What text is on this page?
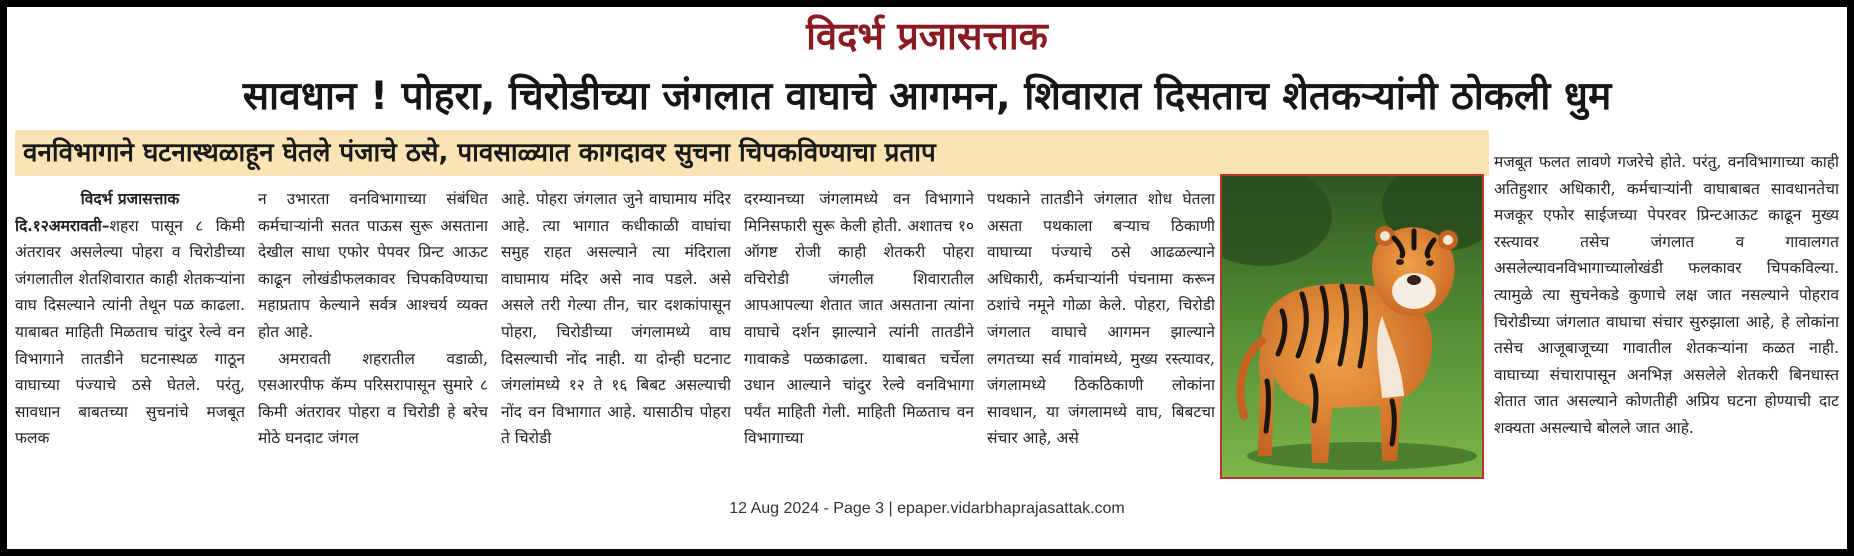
विदर्भ प्रजासत्ताक
सावधान ! पोहरा, चिरोडीच्या जंगलात वाघाचे आगमन, शिवारात दिसताच शेतकऱ्यांनी ठोकली धुम
वनविभागाने घटनास्थळाहून घेतले पंजाचे ठसे, पावसाळ्यात कागदावर सुचना चिपकविण्याचा प्रताप

विदर्भ प्रजासत्ताक

दि.१२अमरावती–शहरा पासून ८ किमी अंतरावर असलेल्या पोहरा व चिरोडीच्या जंगलातील शेतशिवारात काही शेतकऱ्यांना वाघ दिसल्याने त्यांनी तेथून पळ काढला. याबाबत माहिती मिळताच चांदुर रेल्वे वन विभागाने तातडीने घटनास्थळ गाठून वाघाच्या पंज्याचे ठसे घेतले. परंतु, सावधान बाबतच्या सुचनांचे मजबूत फलक

न उभारता वनविभागाच्या संबंधित कर्मचाऱ्यांनी सतत पाऊस सुरू असताना देखील साधा एफोर पेपवर प्रिन्ट आऊट काढून लोखंडीफलकावर चिपकविण्याचा महाप्रताप केल्याने सर्वत्र आश्चर्य व्यक्त होत आहे.

अमरावती शहरातील वडाळी, एसआरपीफ कॅम्प परिसरापासून सुमारे ८ किमी अंतरावर पोहरा व चिरोडी हे बरेच मोठे घनदाट जंगल

आहे. पोहरा जंगलात जुने वाघामाय मंदिर आहे. त्या भागात कधीकाळी वाघांचा समुह राहत असल्याने त्या मंदिराला वाघामाय मंदिर असे नाव पडले. असे असले तरी गेल्या तीन, चार दशकांपासून पोहरा, चिरोडीच्या जंगलामध्ये वाघ दिसल्याची नोंद नाही. या दोन्ही घटनाट जंगलांमध्ये १२ ते १६ बिबट असल्याची नोंद वन विभागात आहे. यासाठीच पोहरा ते चिरोडी

दरम्यानच्या जंगलामध्ये वन विभागाने मिनिसफारी सुरू केली होती. अशातच १० ऑगष्ट रोजी काही शेतकरी पोहरा वचिरोडी जंगलील शिवारातील आपआपल्या शेतात जात असताना त्यांना वाघाचे दर्शन झाल्याने त्यांनी तातडीने गावाकडे पळकाढला. याबाबत चर्चेला उधान आल्याने चांदुर रेल्वे वनविभागा पर्यंत माहिती गेली. माहिती मिळताच वन विभागाच्या

पथकाने तातडीने जंगलात शोध घेतला असता पथकाला बऱ्याच ठिकाणी वाघाच्या पंज्याचे ठसे आढळल्याने अधिकारी, कर्मचाऱ्यांनी पंचनामा करून ठशांचे नमूने गोळा केले. पोहरा, चिरोडी जंगलात वाघाचे आगमन झाल्याने लगतच्या सर्व गावांमध्ये, मुख्य रस्त्यावर, जंगलामध्ये ठिकठिकाणी लोकांना सावधान, या जंगलामध्ये वाघ, बिबटचा संचार आहे, असे

मजबूत फलत लावणे गजरेचे होते. परंतु, वनविभागाच्या काही अतिहुशार अधिकारी, कर्मचाऱ्यांनी वाघाबाबत सावधानतेचा मजकूर एफोर साईजच्या पेपरवर प्रिन्टआऊट काढून मुख्य रस्त्यावर तसेच जंगलात व गावालगत असलेल्यावनविभागाच्यालोखंडी फलकावर चिपकविल्या. त्यामुळे त्या सुचनेकडे कुणाचे लक्ष जात नसल्याने पोहराव चिरोडीच्या जंगलात वाघाचा संचार सुरुझाला आहे, हे लोकांना तसेच आजूबाजूच्या गावातील शेतकऱ्यांना कळत नाही. वाघाच्या संचारापासून अनभिज्ञ असलेले शेतकरी बिनधास्त शेतात जात असल्याने कोणतीही अप्रिय घटना होण्याची दाट शक्यता असल्याचे बोलले जात आहे.

12 Aug 2024 - Page 3 | epaper.vidarbhaprajasattak.com
